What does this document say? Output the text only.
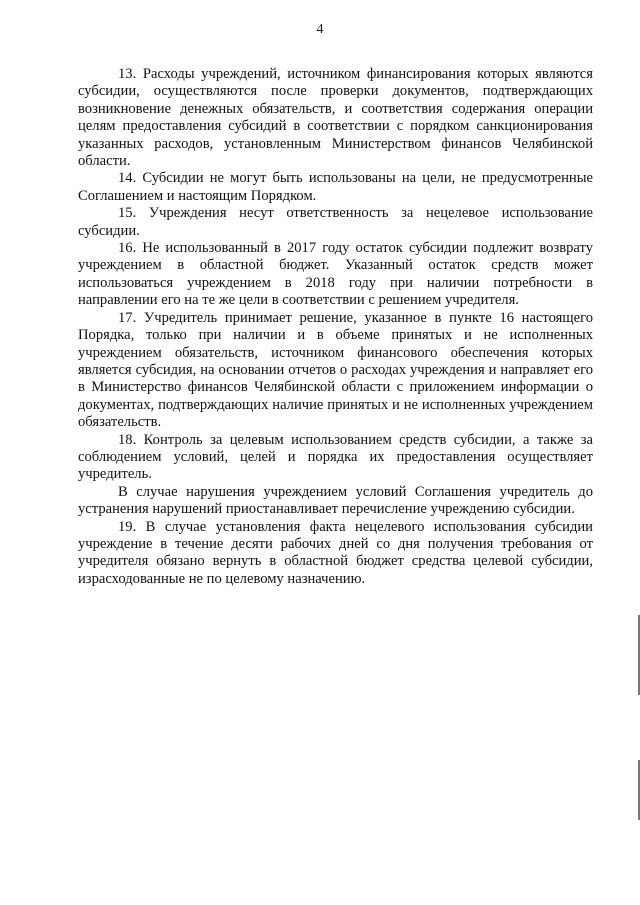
4

13. Расходы учреждений, источником финансирования которых являются субсидии, осуществляются после проверки документов, подтверждающих возникновение денежных обязательств, и соответствия содержания операции целям предоставления субсидий в соответствии с порядком санкционирования указанных расходов, установленным Министерством финансов Челябинской области.

14. Субсидии не могут быть использованы на цели, не предусмотренные Соглашением и настоящим Порядком.

15. Учреждения несут ответственность за нецелевое использование субсидии.

16. Не использованный в 2017 году остаток субсидии подлежит возврату учреждением в областной бюджет. Указанный остаток средств может использоваться учреждением в 2018 году при наличии потребности в направлении его на те же цели в соответствии с решением учредителя.

17. Учредитель принимает решение, указанное в пункте 16 настоящего Порядка, только при наличии и в объеме принятых и не исполненных учреждением обязательств, источником финансового обеспечения которых является субсидия, на основании отчетов о расходах учреждения и направляет его в Министерство финансов Челябинской области с приложением информации о документах, подтверждающих наличие принятых и не исполненных учреждением обязательств.

18. Контроль за целевым использованием средств субсидии, а также за соблюдением условий, целей и порядка их предоставления осуществляет учредитель.

В случае нарушения учреждением условий Соглашения учредитель до устранения нарушений приостанавливает перечисление учреждению субсидии.

19. В случае установления факта нецелевого использования субсидии учреждение в течение десяти рабочих дней со дня получения требования от учредителя обязано вернуть в областной бюджет средства целевой субсидии, израсходованные не по целевому назначению.
